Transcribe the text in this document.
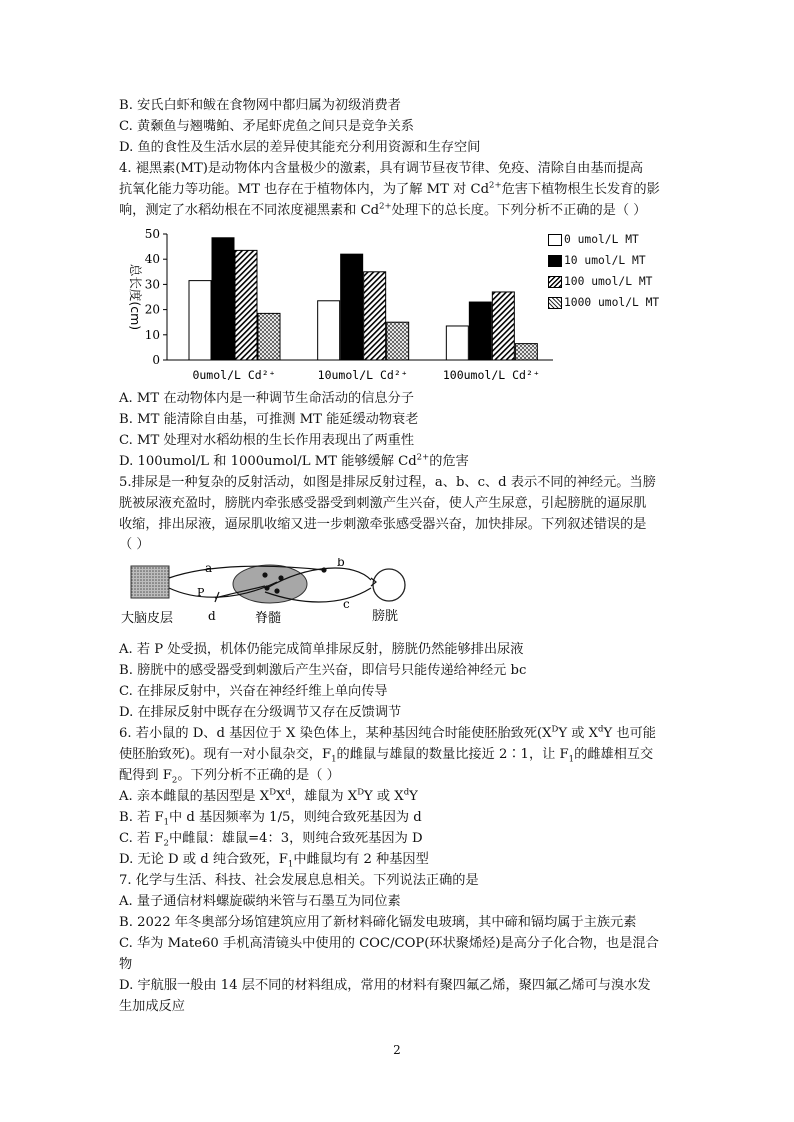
B. 安氏白虾和鲅在食物网中都归属为初级消费者
C. 黄颡鱼与翘嘴鲌、矛尾虾虎鱼之间只是竞争关系
D. 鱼的食性及生活水层的差异使其能充分利用资源和生存空间
4. 褪黑素(MT)是动物体内含量极少的激素，具有调节昼夜节律、免疫、清除自由基而提高
抗氧化能力等功能。MT 也存在于植物体内，为了解 MT 对 $Cd^{2+}$危害下植物根生长发育的影
响，测定了水稻幼根在不同浓度褪黑素和 $Cd^{2+}$处理下的总长度。下列分析不正确的是（ ）
0
10
20
30
40
50
总长度(cm)
0umol/L Cd²⁺	10umol/L Cd²⁺	100umol/L Cd²⁺
0 umol/L MT
10 umol/L MT
100 umol/L MT
1000 umol/L MT
A. MT 在动物体内是一种调节生命活动的信息分子
B. MT 能清除自由基，可推测 MT 能延缓动物衰老
C. MT 处理对水稻幼根的生长作用表现出了两重性
D. 100umol/L 和 1000umol/L MT 能够缓解 $Cd^{2+}$的危害
5.排尿是一种复杂的反射活动，如图是排尿反射过程，a、b、c、d 表示不同的神经元。当膀
胱被尿液充盈时，膀胱内牵张感受器受到刺激产生兴奋，使人产生尿意，引起膀胱的逼尿肌
收缩，排出尿液，逼尿肌收缩又进一步刺激牵张感受器兴奋，加快排尿。下列叙述错误的是
（ ）
a
P
d
b
c
大脑皮层	脊髓	膀胱
A. 若 P 处受损，机体仍能完成简单排尿反射，膀胱仍然能够排出尿液
B. 膀胱中的感受器受到刺激后产生兴奋，即信号只能传递给神经元 bc
C. 在排尿反射中，兴奋在神经纤维上单向传导
D. 在排尿反射中既存在分级调节又存在反馈调节
6. 若小鼠的 D、d 基因位于 X 染色体上，某种基因纯合时能使胚胎致死($X^DY$ 或 $X^dY$ 也可能
使胚胎致死)。现有一对小鼠杂交，$F_1$的雌鼠与雄鼠的数量比接近 2∶1，让 $F_1$的雌雄相互交
配得到 $F_2$。下列分析不正确的是（ ）
A. 亲本雌鼠的基因型是 $X^DX^d$，雄鼠为 $X^DY$ 或 $X^dY$
B. 若 $F_1$中 d 基因频率为 1/5，则纯合致死基因为 d
C. 若 $F_2$中雌鼠：雄鼠=4：3，则纯合致死基因为 D
D. 无论 D 或 d 纯合致死，$F_1$中雌鼠均有 2 种基因型
7. 化学与生活、科技、社会发展息息相关。下列说法正确的是
A. 量子通信材料螺旋碳纳米管与石墨互为同位素
B. 2022 年冬奥部分场馆建筑应用了新材料碲化镉发电玻璃，其中碲和镉均属于主族元素
C. 华为 Mate60 手机高清镜头中使用的 COC/COP(环状聚烯烃)是高分子化合物，也是混合
物
D. 宇航服一般由 14 层不同的材料组成，常用的材料有聚四氟乙烯，聚四氟乙烯可与溴水发
生加成反应
2
